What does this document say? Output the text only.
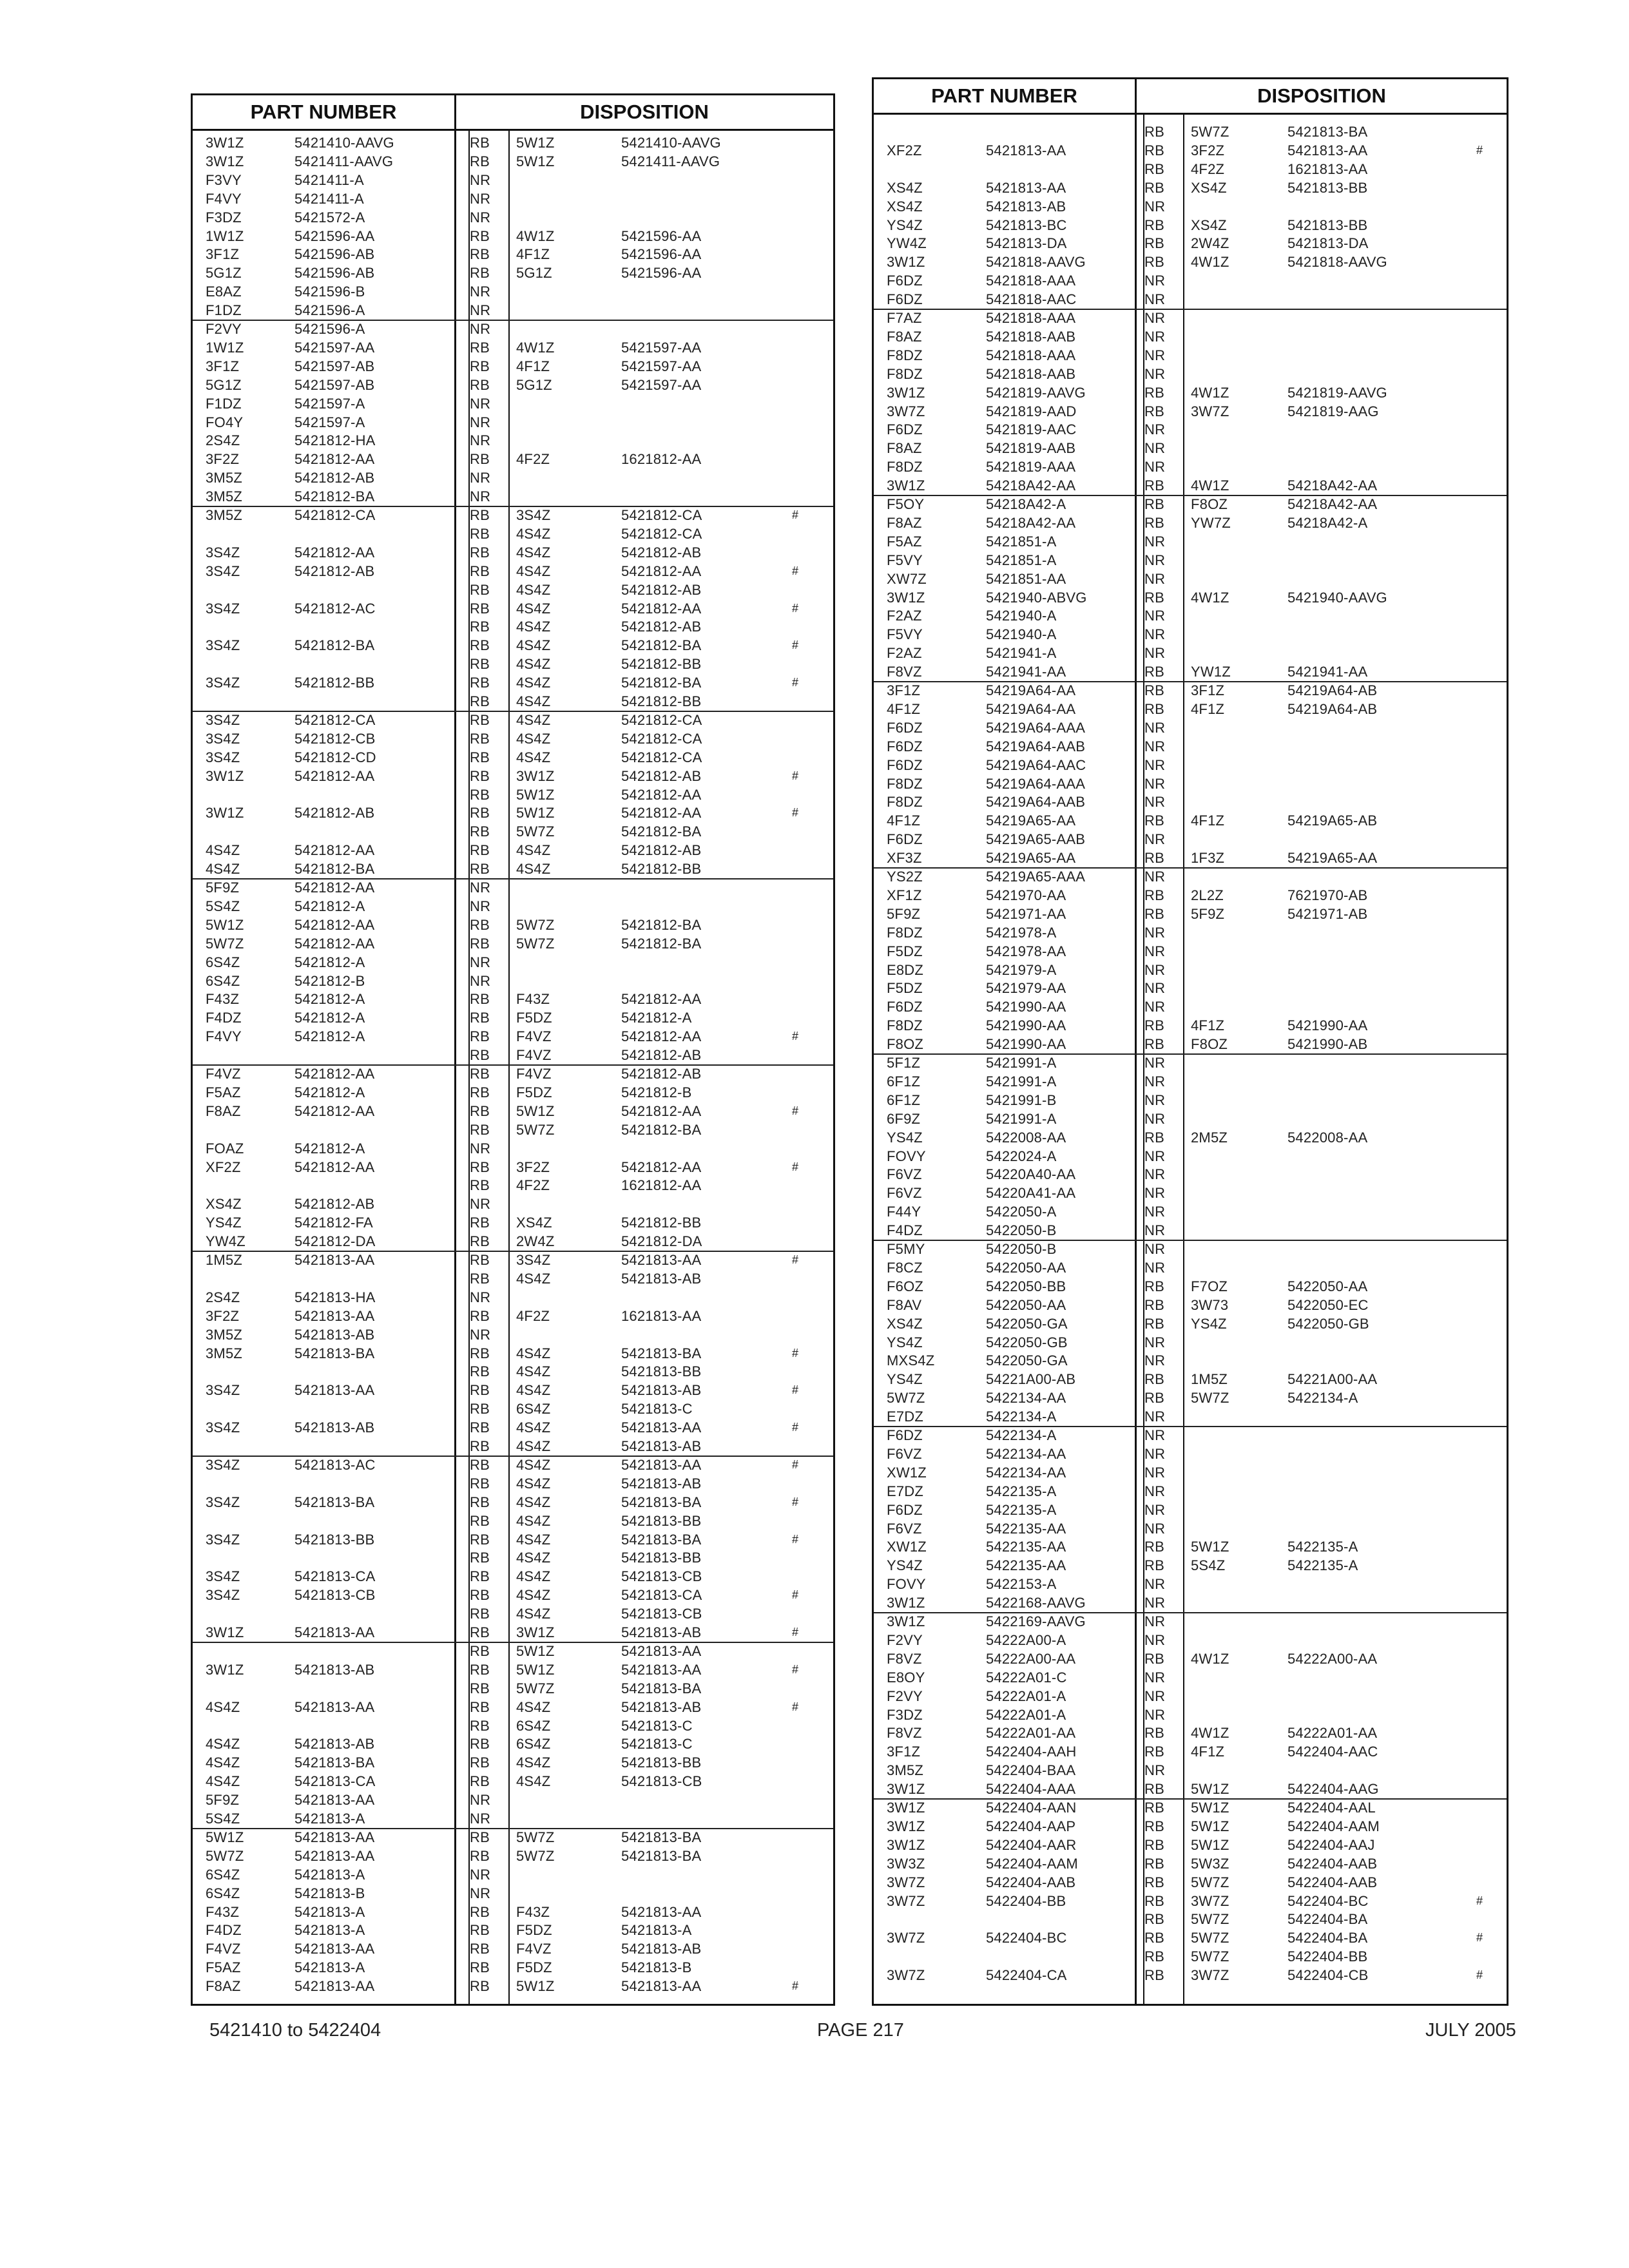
PART NUMBER	DISPOSITION
3W1Z	5421410-AAVG	RB 5W1Z	5421410-AAVG
3W1Z	5421411-AAVG	RB 5W1Z	5421411-AAVG
F3VY	5421411-A	NR
F4VY	5421411-A	NR
F3DZ	5421572-A	NR
1W1Z	5421596-AA	RB 4W1Z	5421596-AA
3F1Z	5421596-AB	RB 4F1Z	5421596-AA
5G1Z	5421596-AB	RB 5G1Z	5421596-AA
E8AZ	5421596-B	NR
F1DZ	5421596-A	NR
F2VY	5421596-A	NR
1W1Z	5421597-AA	RB 4W1Z	5421597-AA
3F1Z	5421597-AB	RB 4F1Z	5421597-AA
5G1Z	5421597-AB	RB 5G1Z	5421597-AA
F1DZ	5421597-A	NR
FO4Y	5421597-A	NR
2S4Z	5421812-HA	NR
3F2Z	5421812-AA	RB 4F2Z	1621812-AA
3M5Z	5421812-AB	NR
3M5Z	5421812-BA	NR
3M5Z	5421812-CA	RB 3S4Z	5421812-CA	#
RB 4S4Z	5421812-CA
3S4Z	5421812-AA	RB 4S4Z	5421812-AB
3S4Z	5421812-AB	RB 4S4Z	5421812-AA	#
RB 4S4Z	5421812-AB
3S4Z	5421812-AC	RB 4S4Z	5421812-AA	#
RB 4S4Z	5421812-AB
3S4Z	5421812-BA	RB 4S4Z	5421812-BA	#
RB 4S4Z	5421812-BB
3S4Z	5421812-BB	RB 4S4Z	5421812-BA	#
RB 4S4Z	5421812-BB
3S4Z	5421812-CA	RB 4S4Z	5421812-CA
3S4Z	5421812-CB	RB 4S4Z	5421812-CA
3S4Z	5421812-CD	RB 4S4Z	5421812-CA
3W1Z	5421812-AA	RB 3W1Z	5421812-AB	#
RB 5W1Z	5421812-AA
3W1Z	5421812-AB	RB 5W1Z	5421812-AA	#
RB 5W7Z	5421812-BA
4S4Z	5421812-AA	RB 4S4Z	5421812-AB
4S4Z	5421812-BA	RB 4S4Z	5421812-BB
5F9Z	5421812-AA	NR
5S4Z	5421812-A	NR
5W1Z	5421812-AA	RB 5W7Z	5421812-BA
5W7Z	5421812-AA	RB 5W7Z	5421812-BA
6S4Z	5421812-A	NR
6S4Z	5421812-B	NR
F43Z	5421812-A	RB F43Z	5421812-AA
F4DZ	5421812-A	RB F5DZ	5421812-A
F4VY	5421812-A	RB F4VZ	5421812-AA	#
RB F4VZ	5421812-AB
F4VZ	5421812-AA	RB F4VZ	5421812-AB
F5AZ	5421812-A	RB F5DZ	5421812-B
F8AZ	5421812-AA	RB 5W1Z	5421812-AA	#
RB 5W7Z	5421812-BA
FOAZ	5421812-A	NR
XF2Z	5421812-AA	RB 3F2Z	5421812-AA	#
RB 4F2Z	1621812-AA
XS4Z	5421812-AB	NR
YS4Z	5421812-FA	RB XS4Z	5421812-BB
YW4Z	5421812-DA	RB 2W4Z	5421812-DA
1M5Z	5421813-AA	RB 3S4Z	5421813-AA	#
RB 4S4Z	5421813-AB
2S4Z	5421813-HA	NR
3F2Z	5421813-AA	RB 4F2Z	1621813-AA
3M5Z	5421813-AB	NR
3M5Z	5421813-BA	RB 4S4Z	5421813-BA	#
RB 4S4Z	5421813-BB
3S4Z	5421813-AA	RB 4S4Z	5421813-AB	#
RB 6S4Z	5421813-C
3S4Z	5421813-AB	RB 4S4Z	5421813-AA	#
RB 4S4Z	5421813-AB
3S4Z	5421813-AC	RB 4S4Z	5421813-AA	#
RB 4S4Z	5421813-AB
3S4Z	5421813-BA	RB 4S4Z	5421813-BA	#
RB 4S4Z	5421813-BB
3S4Z	5421813-BB	RB 4S4Z	5421813-BA	#
RB 4S4Z	5421813-BB
3S4Z	5421813-CA	RB 4S4Z	5421813-CB
3S4Z	5421813-CB	RB 4S4Z	5421813-CA	#
RB 4S4Z	5421813-CB
3W1Z	5421813-AA	RB 3W1Z	5421813-AB	#
RB 5W1Z	5421813-AA
3W1Z	5421813-AB	RB 5W1Z	5421813-AA	#
RB 5W7Z	5421813-BA
4S4Z	5421813-AA	RB 4S4Z	5421813-AB	#
RB 6S4Z	5421813-C
4S4Z	5421813-AB	RB 6S4Z	5421813-C
4S4Z	5421813-BA	RB 4S4Z	5421813-BB
4S4Z	5421813-CA	RB 4S4Z	5421813-CB
5F9Z	5421813-AA	NR
5S4Z	5421813-A	NR
5W1Z	5421813-AA	RB 5W7Z	5421813-BA
5W7Z	5421813-AA	RB 5W7Z	5421813-BA
6S4Z	5421813-A	NR
6S4Z	5421813-B	NR
F43Z	5421813-A	RB F43Z	5421813-AA
F4DZ	5421813-A	RB F5DZ	5421813-A
F4VZ	5421813-AA	RB F4VZ	5421813-AB
F5AZ	5421813-A	RB F5DZ	5421813-B
F8AZ	5421813-AA	RB 5W1Z	5421813-AA	#
PART NUMBER	DISPOSITION
RB 5W7Z	5421813-BA
XF2Z	5421813-AA	RB 3F2Z	5421813-AA	#
RB 4F2Z	1621813-AA
XS4Z	5421813-AA	RB XS4Z	5421813-BB
XS4Z	5421813-AB	NR
YS4Z	5421813-BC	RB XS4Z	5421813-BB
YW4Z	5421813-DA	RB 2W4Z	5421813-DA
3W1Z	5421818-AAVG	RB 4W1Z	5421818-AAVG
F6DZ	5421818-AAA	NR
F6DZ	5421818-AAC	NR
F7AZ	5421818-AAA	NR
F8AZ	5421818-AAB	NR
F8DZ	5421818-AAA	NR
F8DZ	5421818-AAB	NR
3W1Z	5421819-AAVG	RB 4W1Z	5421819-AAVG
3W7Z	5421819-AAD	RB 3W7Z	5421819-AAG
F6DZ	5421819-AAC	NR
F8AZ	5421819-AAB	NR
F8DZ	5421819-AAA	NR
3W1Z	54218A42-AA	RB 4W1Z	54218A42-AA
F5OY	54218A42-A	RB F8OZ	54218A42-AA
F8AZ	54218A42-AA	RB YW7Z	54218A42-A
F5AZ	5421851-A	NR
F5VY	5421851-A	NR
XW7Z	5421851-AA	NR
3W1Z	5421940-ABVG	RB 4W1Z	5421940-AAVG
F2AZ	5421940-A	NR
F5VY	5421940-A	NR
F2AZ	5421941-A	NR
F8VZ	5421941-AA	RB YW1Z	5421941-AA
3F1Z	54219A64-AA	RB 3F1Z	54219A64-AB
4F1Z	54219A64-AA	RB 4F1Z	54219A64-AB
F6DZ	54219A64-AAA	NR
F6DZ	54219A64-AAB	NR
F6DZ	54219A64-AAC	NR
F8DZ	54219A64-AAA	NR
F8DZ	54219A64-AAB	NR
4F1Z	54219A65-AA	RB 4F1Z	54219A65-AB
F6DZ	54219A65-AAB	NR
XF3Z	54219A65-AA	RB 1F3Z	54219A65-AA
YS2Z	54219A65-AAA	NR
XF1Z	5421970-AA	RB 2L2Z	7621970-AB
5F9Z	5421971-AA	RB 5F9Z	5421971-AB
F8DZ	5421978-A	NR
F5DZ	5421978-AA	NR
E8DZ	5421979-A	NR
F5DZ	5421979-AA	NR
F6DZ	5421990-AA	NR
F8DZ	5421990-AA	RB 4F1Z	5421990-AA
F8OZ	5421990-AA	RB F8OZ	5421990-AB
5F1Z	5421991-A	NR
6F1Z	5421991-A	NR
6F1Z	5421991-B	NR
6F9Z	5421991-A	NR
YS4Z	5422008-AA	RB 2M5Z	5422008-AA
FOVY	5422024-A	NR
F6VZ	54220A40-AA	NR
F6VZ	54220A41-AA	NR
F44Y	5422050-A	NR
F4DZ	5422050-B	NR
F5MY	5422050-B	NR
F8CZ	5422050-AA	NR
F6OZ	5422050-BB	RB F7OZ	5422050-AA
F8AV	5422050-AA	RB 3W73	5422050-EC
XS4Z	5422050-GA	RB YS4Z	5422050-GB
YS4Z	5422050-GB	NR
MXS4Z	5422050-GA	NR
YS4Z	54221A00-AB	RB 1M5Z	54221A00-AA
5W7Z	5422134-AA	RB 5W7Z	5422134-A
E7DZ	5422134-A	NR
F6DZ	5422134-A	NR
F6VZ	5422134-AA	NR
XW1Z	5422134-AA	NR
E7DZ	5422135-A	NR
F6DZ	5422135-A	NR
F6VZ	5422135-AA	NR
XW1Z	5422135-AA	RB 5W1Z	5422135-A
YS4Z	5422135-AA	RB 5S4Z	5422135-A
FOVY	5422153-A	NR
3W1Z	5422168-AAVG	NR
3W1Z	5422169-AAVG	NR
F2VY	54222A00-A	NR
F8VZ	54222A00-AA	RB 4W1Z	54222A00-AA
E8OY	54222A01-C	NR
F2VY	54222A01-A	NR
F3DZ	54222A01-A	NR
F8VZ	54222A01-AA	RB 4W1Z	54222A01-AA
3F1Z	5422404-AAH	RB 4F1Z	5422404-AAC
3M5Z	5422404-BAA	NR
3W1Z	5422404-AAA	RB 5W1Z	5422404-AAG
3W1Z	5422404-AAN	RB 5W1Z	5422404-AAL
3W1Z	5422404-AAP	RB 5W1Z	5422404-AAM
3W1Z	5422404-AAR	RB 5W1Z	5422404-AAJ
3W3Z	5422404-AAM	RB 5W3Z	5422404-AAB
3W7Z	5422404-AAB	RB 5W7Z	5422404-AAB
3W7Z	5422404-BB	RB 3W7Z	5422404-BC	#
RB 5W7Z	5422404-BA
3W7Z	5422404-BC	RB 5W7Z	5422404-BA	#
RB 5W7Z	5422404-BB
3W7Z	5422404-CA	RB 3W7Z	5422404-CB	#
5421410 to 5422404	PAGE 217	JULY 2005
